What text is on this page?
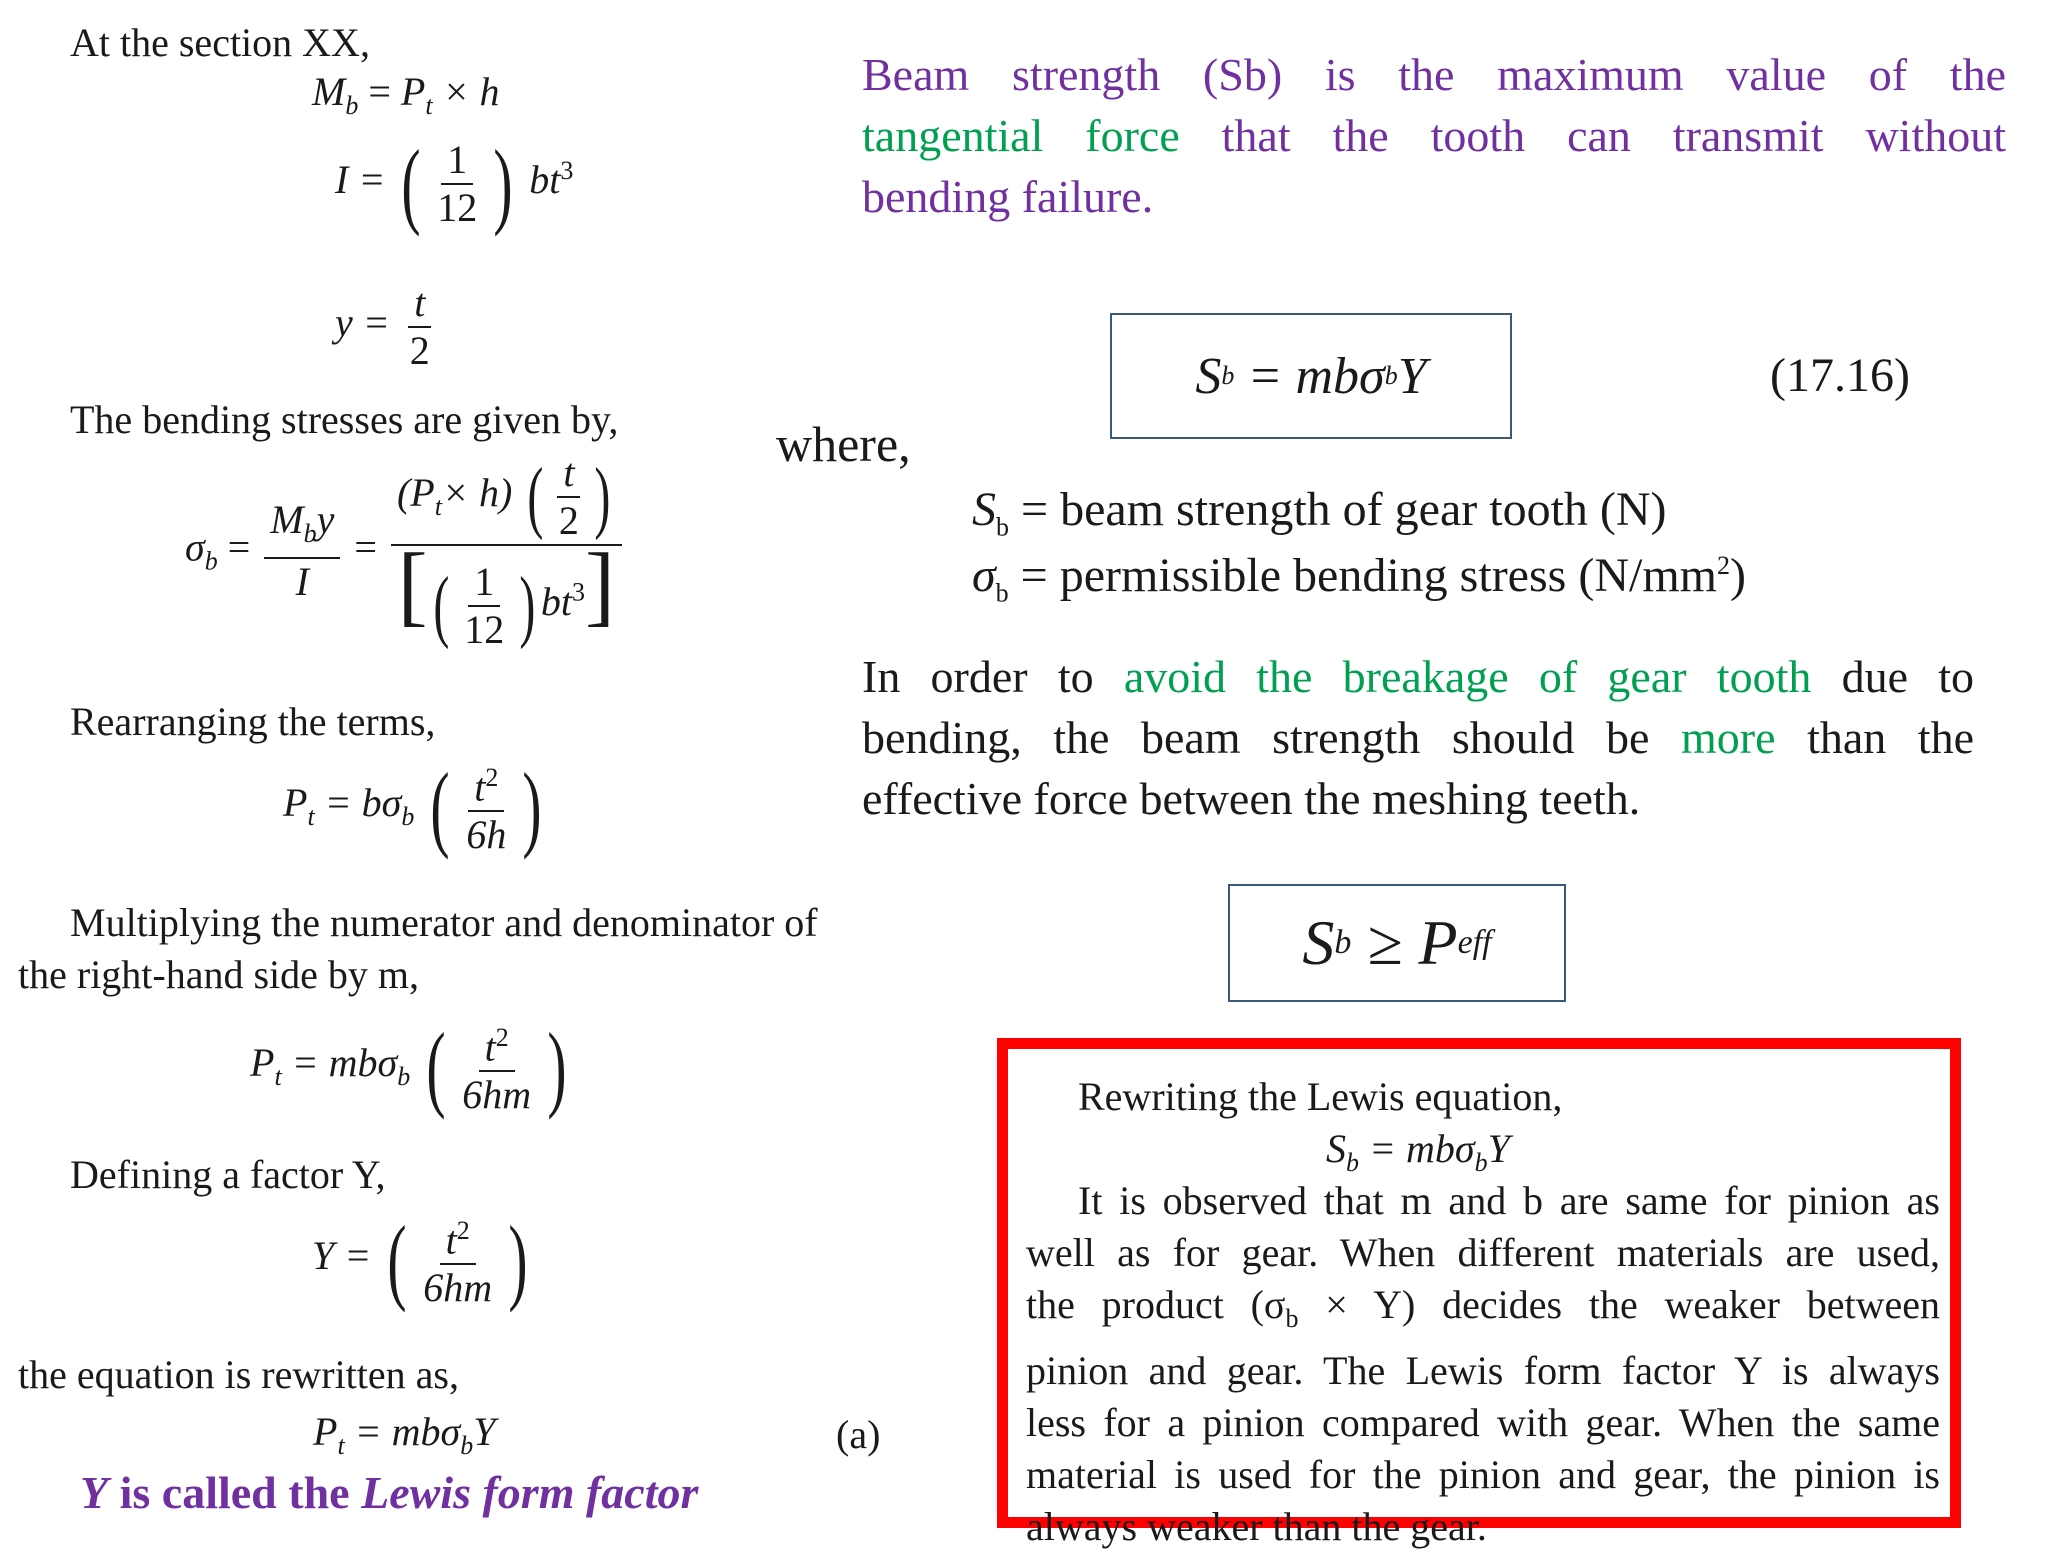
At the section XX,
$M_b = P_t \times h$
I = ( $\frac{1}{12}$ ) $bt^3$
$y = \frac{t}{2}$
The bending stresses are given by,
$\sigma_b = \frac{M_by}{I} = \frac{(P_t\times h) ( \frac{t}{2} )}{[( \frac{1}{12} ) bt^3]}$
Rearranging the terms,
$P_t = b\sigma_b$ ( $\frac{t^2}{6h}$ )
Multiplying the numerator and denominator of
the right-hand side by m,
$P_t = mb\sigma_b$ ( $\frac{t^2}{6hm}$ )
Defining a factor Y,
Y = ( $\frac{t^2}{6hm}$ )
the equation is rewritten as,
$P_t = mb\sigma_bY$	(a)
Y is called the Lewis form factor
Beam strength (Sb) is the maximum value of the
tangential force that the tooth can transmit without
bending failure.
S b
= mbσ b Y	(17.16)
where,
$S_b$ = beam strength of gear tooth (N)
$\sigma_b$ = permissible bending stress $(N/mm^2)$
In order to avoid the breakage of gear tooth due to
bending, the beam strength should be more than the
effective force between the meshing teeth.
S b
≥ P eff
Rewriting the Lewis equation,
$S_b = mb\sigma_bY$
It is observed that m and b are same for pinion as
well as for gear. When different materials are used,
the product $(\sigma_b \times Y)$ decides the weaker between
pinion and gear. The Lewis form factor Y is always
less for a pinion compared with gear. When the same
material is used for the pinion and gear, the pinion is
always weaker than the gear.
